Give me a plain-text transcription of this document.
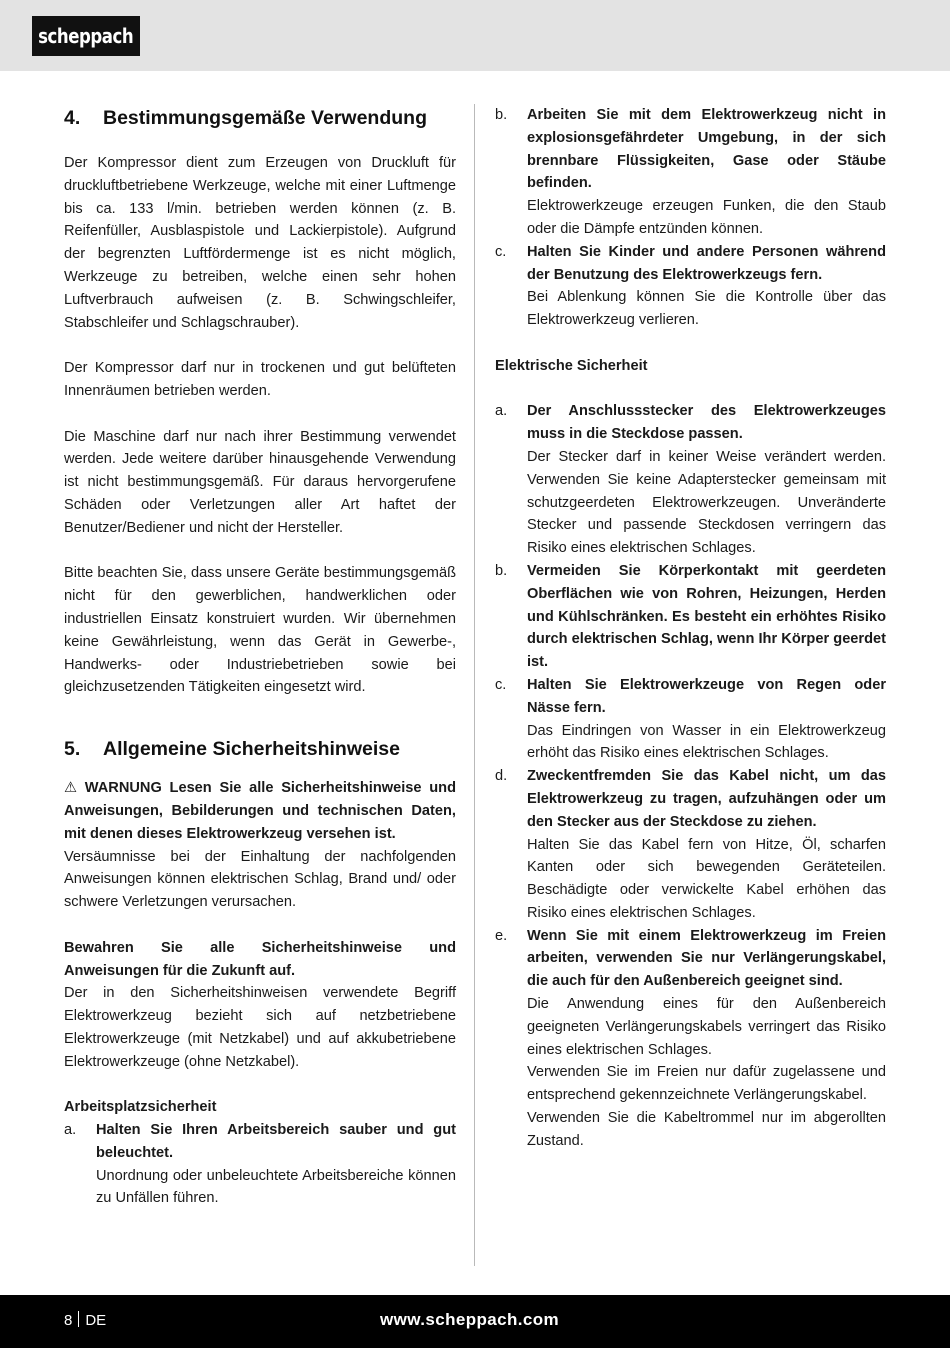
scheppach
4.	Bestimmungsgemäße Verwendung

Der Kompressor dient zum Erzeugen von Druckluft für druckluftbetriebene Werkzeuge, welche mit einer Luftmenge bis ca. 133 l/min. betrieben werden können (z. B. Reifenfüller, Ausblaspistole und Lackierpistole). Aufgrund der begrenzten Luftfördermenge ist es nicht möglich, Werkzeuge zu betreiben, welche einen sehr hohen Luftverbrauch aufweisen (z. B. Schwingschleifer, Stabschleifer und Schlagschrauber).

Der Kompressor darf nur in trockenen und gut belüfteten Innenräumen betrieben werden.

Die Maschine darf nur nach ihrer Bestimmung verwendet werden. Jede weitere darüber hinausgehende Verwendung ist nicht bestimmungsgemäß. Für daraus hervorgerufene Schäden oder Verletzungen aller Art haftet der Benutzer/Bediener und nicht der Hersteller.

Bitte beachten Sie, dass unsere Geräte bestimmungsgemäß nicht für den gewerblichen, handwerklichen oder industriellen Einsatz konstruiert wurden. Wir übernehmen keine Gewährleistung, wenn das Gerät in Gewerbe-, Handwerks- oder Industriebetrieben sowie bei gleichzusetzenden Tätigkeiten eingesetzt wird.

5.	Allgemeine Sicherheitshinweise

⚠ WARNUNG Lesen Sie alle Sicherheitshinweise und Anweisungen, Bebilderungen und technischen Daten, mit denen dieses Elektrowerkzeug versehen ist.

Versäumnisse bei der Einhaltung der nachfolgenden Anweisungen können elektrischen Schlag, Brand und/ oder schwere Verletzungen verursachen.

Bewahren Sie alle Sicherheitshinweise und Anweisungen für die Zukunft auf.

Der in den Sicherheitshinweisen verwendete Begriff Elektrowerkzeug bezieht sich auf netzbetriebene Elektrowerkzeuge (mit Netzkabel) und auf akkubetriebene Elektrowerkzeuge (ohne Netzkabel).

Arbeitsplatzsicherheit

a.	Halten Sie Ihren Arbeitsbereich sauber und gut beleuchtet.

Unordnung oder unbeleuchtete Arbeitsbereiche können zu Unfällen führen.

b.	Arbeiten Sie mit dem Elektrowerkzeug nicht in explosionsgefährdeter Umgebung, in der sich brennbare Flüssigkeiten, Gase oder Stäube befinden.

Elektrowerkzeuge erzeugen Funken, die den Staub oder die Dämpfe entzünden können.

c.	Halten Sie Kinder und andere Personen während der Benutzung des Elektrowerkzeugs fern.

Bei Ablenkung können Sie die Kontrolle über das Elektrowerkzeug verlieren.

Elektrische Sicherheit

a.	Der Anschlussstecker des Elektrowerkzeuges muss in die Steckdose passen.

Der Stecker darf in keiner Weise verändert werden. Verwenden Sie keine Adapterstecker gemeinsam mit schutzgeerdeten Elektrowerkzeugen. Unveränderte Stecker und passende Steckdosen verringern das Risiko eines elektrischen Schlages.

b.	Vermeiden Sie Körperkontakt mit geerdeten Oberflächen wie von Rohren, Heizungen, Herden und Kühlschränken. Es besteht ein erhöhtes Risiko durch elektrischen Schlag, wenn Ihr Körper geerdet ist.

c.	Halten Sie Elektrowerkzeuge von Regen oder Nässe fern.

Das Eindringen von Wasser in ein Elektrowerkzeug erhöht das Risiko eines elektrischen Schlages.

d.	Zweckentfremden Sie das Kabel nicht, um das Elektrowerkzeug zu tragen, aufzuhängen oder um den Stecker aus der Steckdose zu ziehen.

Halten Sie das Kabel fern von Hitze, Öl, scharfen Kanten oder sich bewegenden Geräteteilen. Beschädigte oder verwickelte Kabel erhöhen das Risiko eines elektrischen Schlages.

e.	Wenn Sie mit einem Elektrowerkzeug im Freien arbeiten, verwenden Sie nur Verlängerungskabel, die auch für den Außenbereich geeignet sind.

Die Anwendung eines für den Außenbereich geeigneten Verlängerungskabels verringert das Risiko eines elektrischen Schlages.

Verwenden Sie im Freien nur dafür zugelassene und entsprechend gekennzeichnete Verlängerungskabel.

Verwenden Sie die Kabeltrommel nur im abgerollten Zustand.

8 DE	www.scheppach.com
